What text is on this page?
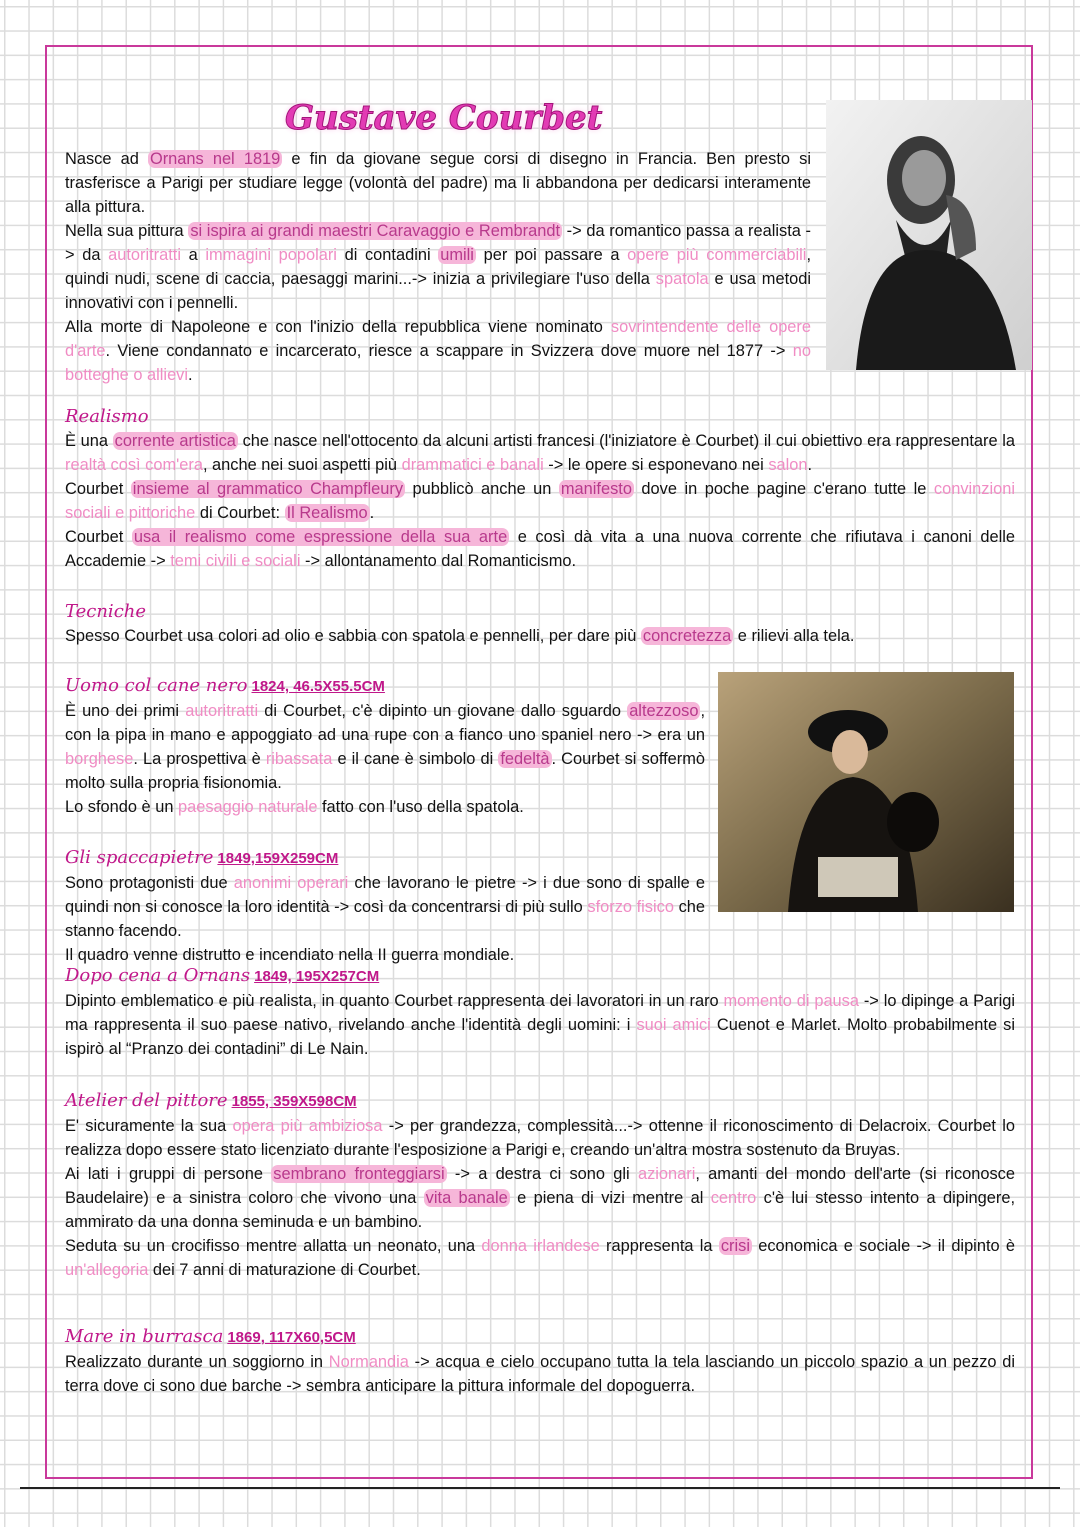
Gustave Courbet

Nasce ad Ornans nel 1819 e fin da giovane segue corsi di disegno in Francia. Ben presto si trasferisce a Parigi per studiare legge (volontà del padre) ma li abbandona per dedicarsi interamente alla pittura.

Nella sua pittura si ispira ai grandi maestri Caravaggio e Rembrandt -> da romantico passa a realista -> da autoritratti a immagini popolari di contadini umili per poi passare a opere più commerciabili, quindi nudi, scene di caccia, paesaggi marini...-> inizia a privilegiare l'uso della spatola e usa metodi innovativi con i pennelli.

Alla morte di Napoleone e con l'inizio della repubblica viene nominato sovrintendente delle opere d'arte. Viene condannato e incarcerato, riesce a scappare in Svizzera dove muore nel 1877 -> no botteghe o allievi.

Realismo

È una corrente artistica che nasce nell'ottocento da alcuni artisti francesi (l'iniziatore è Courbet) il cui obiettivo era rappresentare la realtà così com'era, anche nei suoi aspetti più drammatici e banali -> le opere si esponevano nei salon.

Courbet insieme al grammatico Champfleury pubblicò anche un manifesto dove in poche pagine c'erano tutte le convinzioni sociali e pittoriche di Courbet: Il Realismo .

Courbet usa il realismo come espressione della sua arte e così dà vita a una nuova corrente che rifiutava i canoni delle Accademie -> temi civili e sociali -> allontanamento dal Romanticismo.

Tecniche

Spesso Courbet usa colori ad olio e sabbia con spatola e pennelli, per dare più concretezza e rilievi alla tela.

Uomo col cane nero 1824, 46.5X55.5CM

È uno dei primi autoritratti di Courbet, c'è dipinto un giovane dallo sguardo altezzoso , con la pipa in mano e appoggiato ad una rupe con a fianco uno spaniel nero -> era un borghese. La prospettiva è ribassata e il cane è simbolo di fedeltà . Courbet si soffermò molto sulla propria fisionomia.

Lo sfondo è un paesaggio naturale fatto con l'uso della spatola.

Gli spaccapietre 1849,159X259CM

Sono protagonisti due anonimi operari che lavorano le pietre -> i due sono di spalle e quindi non si conosce la loro identità -> così da concentrarsi di più sullo sforzo fisico che stanno facendo.

Il quadro venne distrutto e incendiato nella II guerra mondiale.

Dopo cena a Ornans 1849, 195X257CM

Dipinto emblematico e più realista, in quanto Courbet rappresenta dei lavoratori in un raro momento di pausa -> lo dipinge a Parigi ma rappresenta il suo paese nativo, rivelando anche l'identità degli uomini: i suoi amici Cuenot e Marlet. Molto probabilmente si ispirò al “Pranzo dei contadini” di Le Nain.

Atelier del pittore 1855, 359X598CM

E' sicuramente la sua opera più ambiziosa -> per grandezza, complessità...-> ottenne il riconoscimento di Delacroix. Courbet lo realizza dopo essere stato licenziato durante l'esposizione a Parigi e, creando un'altra mostra sostenuto da Bruyas.

Ai lati i gruppi di persone sembrano fronteggiarsi -> a destra ci sono gli azionari, amanti del mondo dell'arte (si riconosce Baudelaire) e a sinistra coloro che vivono una vita banale e piena di vizi mentre al centro c'è lui stesso intento a dipingere, ammirato da una donna seminuda e un bambino.

Seduta su un crocifisso mentre allatta un neonato, una donna irlandese rappresenta la crisi economica e sociale -> il dipinto è un'allegoria dei 7 anni di maturazione di Courbet.

Mare in burrasca 1869, 117X60,5CM

Realizzato durante un soggiorno in Normandia -> acqua e cielo occupano tutta la tela lasciando un piccolo spazio a un pezzo di terra dove ci sono due barche -> sembra anticipare la pittura informale del dopoguerra.
